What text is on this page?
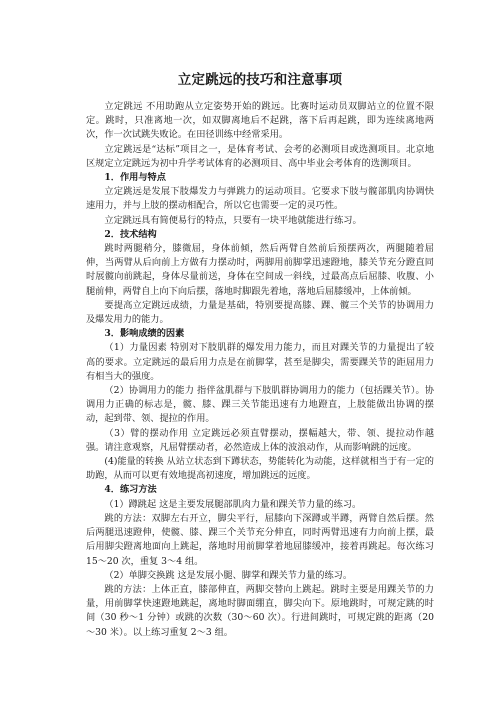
立定跳远的技巧和注意事项
立定跳远 不用助跑从立定姿势开始的跳远。比赛时运动员双脚站立的位置不限定。跳时，只准离地一次，如双脚离地后不起跳，落下后再起跳，即为连续离地两次，作一次试跳失败论。在田径训练中经常采用。
立定跳远是“达标”项目之一，是体育考试、会考的必测项目或选测项目。北京地区规定立定跳远为初中升学考试体育的必测项目、高中毕业会考体育的选测项目。
1．作用与特点
立定跳远是发展下肢爆发力与弹跳力的运动项目。它要求下肢与髋部肌肉协调快速用力，并与上肢的摆动相配合，所以它也需要一定的灵巧性。
立定跳远具有简便易行的特点，只要有一块平地就能进行练习。
2．技术结构
跳时两腿稍分，膝微屈，身体前倾，然后两臂自然前后预摆两次，两腿随着屈伸，当两臂从后向前上方做有力摆动时，两脚用前脚掌迅速蹬地，膝关节充分蹬直同时展髋向前跳起，身体尽量前送，身体在空间成一斜线，过最高点后屈膝、收腹、小腿前伸，两臂自上向下向后摆，落地时脚跟先着地，落地后屈膝缓冲，上体前倾。
要提高立定跳远成绩，力量是基础，特别要提高膝、踝、髋三个关节的协调用力及爆发用力的能力。
3．影响成绩的因素
（1）力量因素 特别对下肢肌群的爆发用力能力，而且对踝关节的力量提出了较高的要求。立定跳远的最后用力点是在前脚掌，甚至是脚尖，需要踝关节的距屈用力有相当大的强度。
（2）协调用力的能力 指伴盆肌群与下肢肌群协调用力的能力（包括踝关节）。协调用力正确的标志是，髋、膝、踝三关节能迅速有力地蹬直，上肢能做出协调的摆动，起到带、领、提拉的作用。
（3）臂的摆动作用 立定跳远必须直臂摆动，摆幅越大，带、领、提拉动作越强。请注意观察，凡屈臂摆动者，必然造成上体的波浪动作，从而影响跳的远度。
(4)能量的转换 从站立状态到下蹲状态，势能转化为动能，这样就相当于有一定的助跑，从而可以更有效地提高初速度，增加跳远的远度。
4．练习方法
（1）蹲跳起 这是主要发展腿部肌肉力量和踝关节力量的练习。
跳的方法：双脚左右开立，脚尖平行，屈膝向下深蹲或半蹲，两臂自然后摆。然后两腿迅速蹬伸，使髋、膝、踝三个关节充分伸直，同时两臂迅速有力向前上摆，最后用脚尖蹬离地面向上跳起，落地时用前脚掌着地屈膝缓冲，接着再跳起。每次练习 15～20 次，重复 3～4 组。
（2）单脚交换跳 这是发展小腿、脚掌和踝关节力量的练习。
跳的方法：上体正直，膝部伸直，两脚交替向上跳起。跳时主要是用踝关节的力量，用前脚掌快速蹬地跳起，离地时脚面绷直，脚尖向下。原地跳时，可规定跳的时间（30 秒～1 分钟）或跳的次数（30～60 次）。行进间跳时，可规定跳的距离（20～30 米）。以上练习重复 2～3 组。
